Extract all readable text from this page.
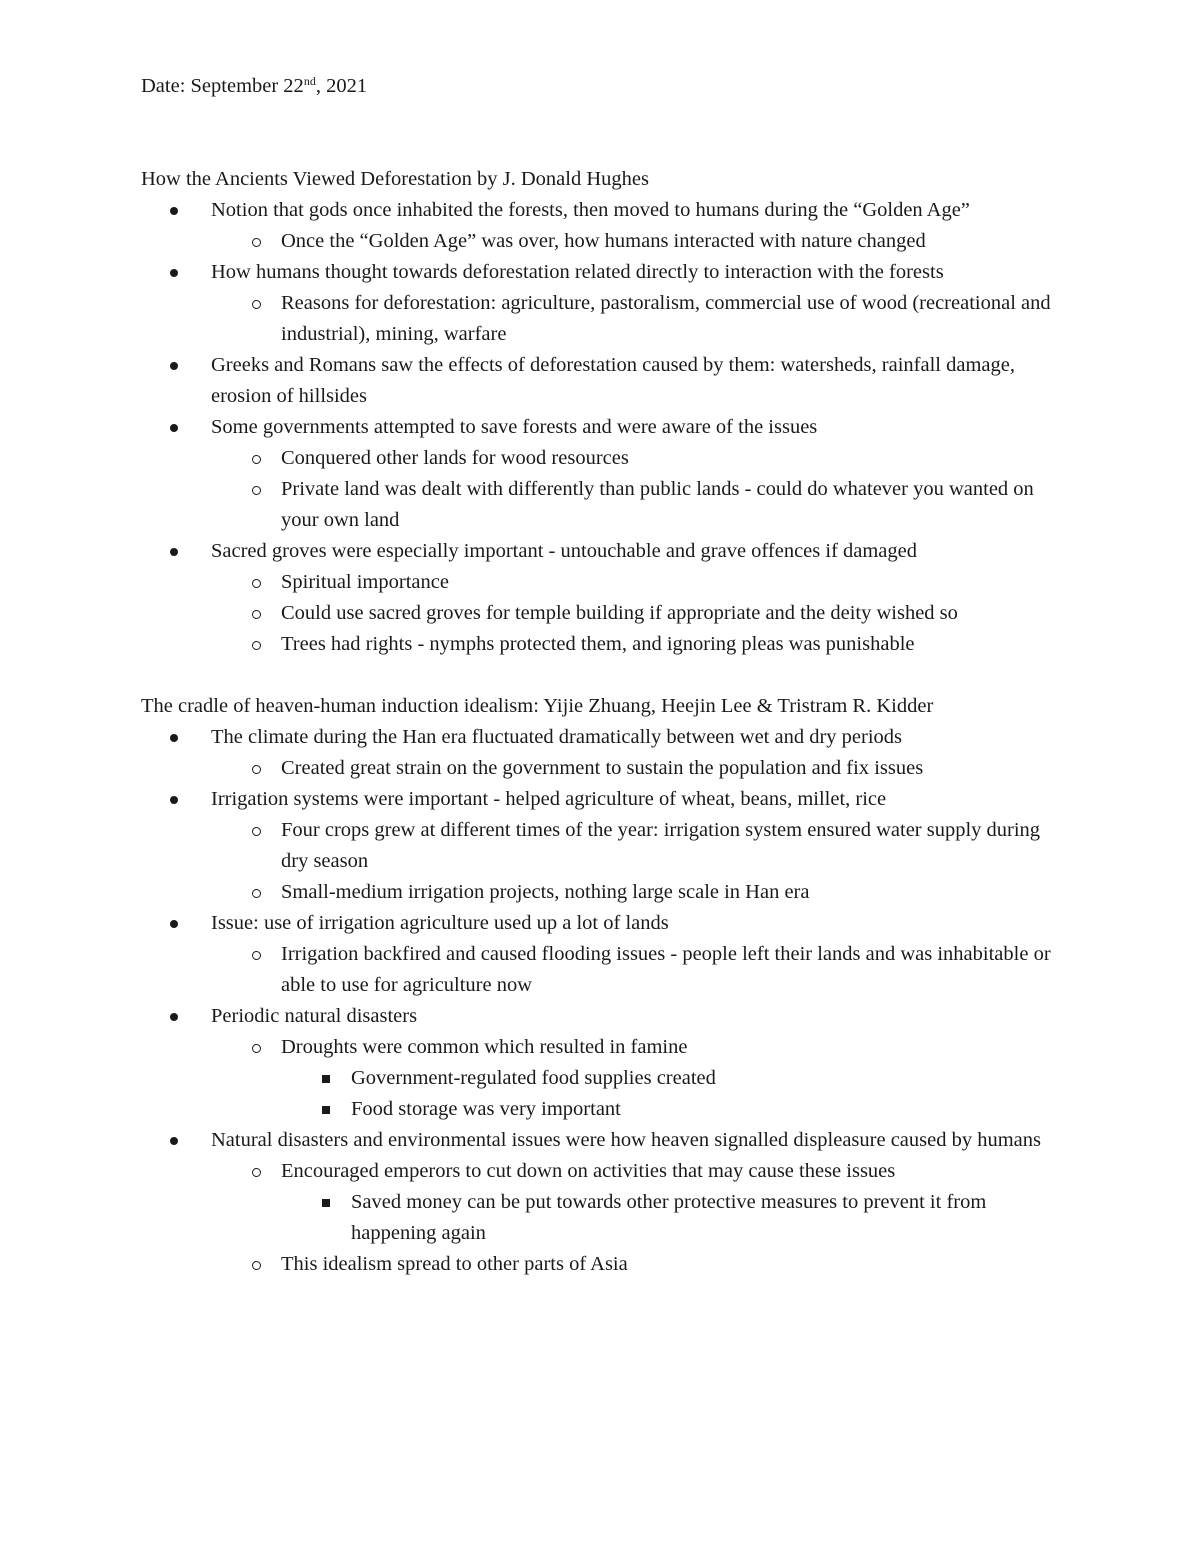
Date: September 22nd, 2021

How the Ancients Viewed Deforestation by J. Donald Hughes

Notion that gods once inhabited the forests, then moved to humans during the “Golden Age”
Once the “Golden Age” was over, how humans interacted with nature changed
How humans thought towards deforestation related directly to interaction with the forests
Reasons for deforestation: agriculture, pastoralism, commercial use of wood (recreational and industrial), mining, warfare
Greeks and Romans saw the effects of deforestation caused by them: watersheds, rainfall damage, erosion of hillsides
Some governments attempted to save forests and were aware of the issues
Conquered other lands for wood resources
Private land was dealt with differently than public lands - could do whatever you wanted on your own land
Sacred groves were especially important - untouchable and grave offences if damaged
Spiritual importance
Could use sacred groves for temple building if appropriate and the deity wished so
Trees had rights - nymphs protected them, and ignoring pleas was punishable

The cradle of heaven-human induction idealism: Yijie Zhuang, Heejin Lee & Tristram R. Kidder

The climate during the Han era fluctuated dramatically between wet and dry periods
Created great strain on the government to sustain the population and fix issues
Irrigation systems were important - helped agriculture of wheat, beans, millet, rice
Four crops grew at different times of the year: irrigation system ensured water supply during dry season
Small-medium irrigation projects, nothing large scale in Han era
Issue: use of irrigation agriculture used up a lot of lands
Irrigation backfired and caused flooding issues - people left their lands and was inhabitable or able to use for agriculture now
Periodic natural disasters
Droughts were common which resulted in famine
Government-regulated food supplies created
Food storage was very important
Natural disasters and environmental issues were how heaven signalled displeasure caused by humans
Encouraged emperors to cut down on activities that may cause these issues
Saved money can be put towards other protective measures to prevent it from happening again
This idealism spread to other parts of Asia
